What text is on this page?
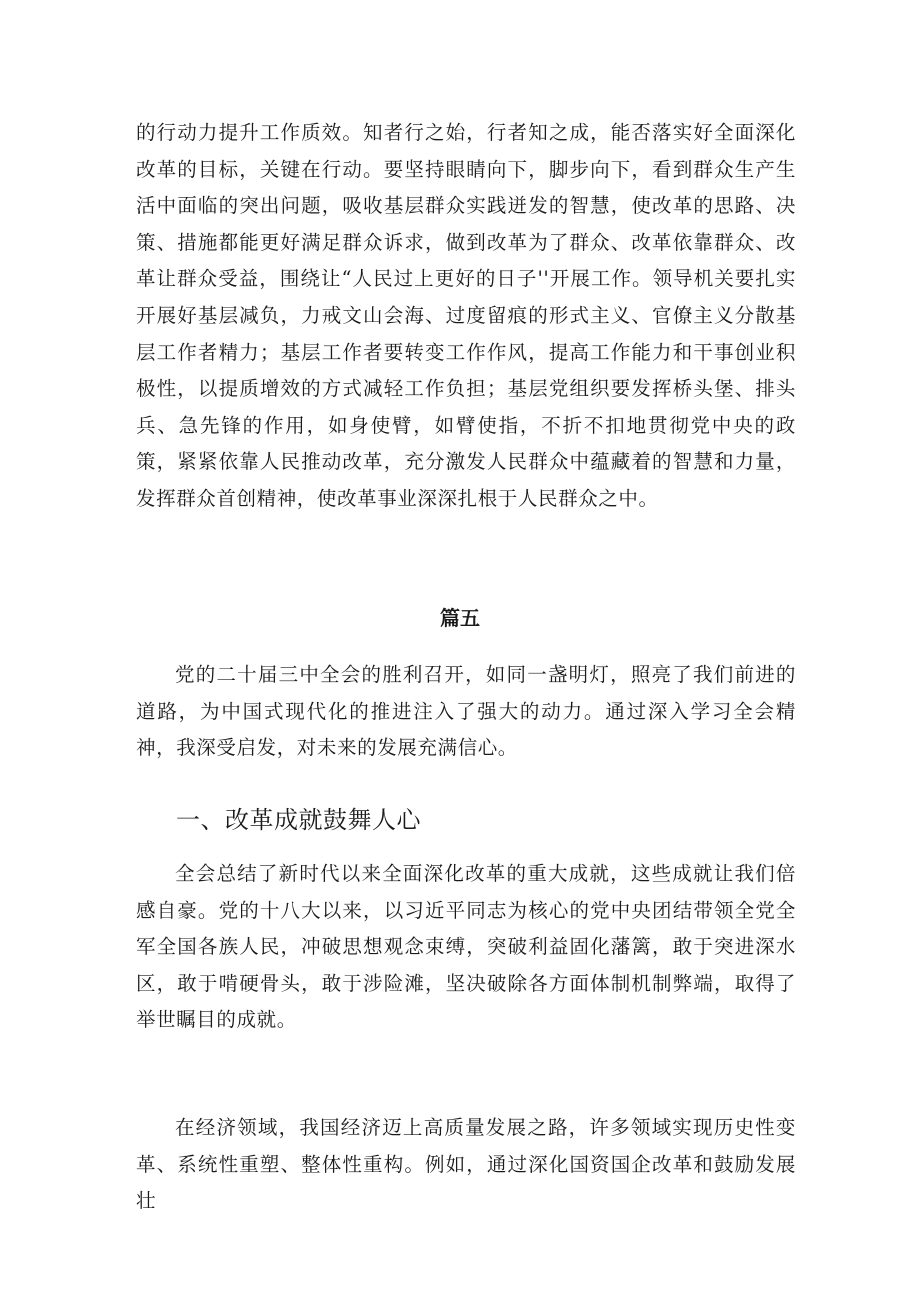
的行动力提升工作质效。知者行之始，行者知之成，能否落实好全面深化改革的目标，关键在行动。要坚持眼睛向下，脚步向下，看到群众生产生活中面临的突出问题，吸收基层群众实践迸发的智慧，使改革的思路、决策、措施都能更好满足群众诉求，做到改革为了群众、改革依靠群众、改革让群众受益，围绕让“人民过上更好的日子''开展工作。领导机关要扎实开展好基层减负，力戒文山会海、过度留痕的形式主义、官僚主义分散基层工作者精力；基层工作者要转变工作作风，提高工作能力和干事创业积极性，以提质增效的方式减轻工作负担；基层党组织要发挥桥头堡、排头兵、急先锋的作用，如身使臂，如臂使指，不折不扣地贯彻党中央的政策，紧紧依靠人民推动改革，充分激发人民群众中蕴藏着的智慧和力量，发挥群众首创精神，使改革事业深深扎根于人民群众之中。

篇五

党的二十届三中全会的胜利召开，如同一盏明灯，照亮了我们前进的道路，为中国式现代化的推进注入了强大的动力。通过深入学习全会精神，我深受启发，对未来的发展充满信心。

一、改革成就鼓舞人心

全会总结了新时代以来全面深化改革的重大成就，这些成就让我们倍感自豪。党的十八大以来，以习近平同志为核心的党中央团结带领全党全军全国各族人民，冲破思想观念束缚，突破利益固化藩篱，敢于突进深水区，敢于啃硬骨头，敢于涉险滩，坚决破除各方面体制机制弊端，取得了举世瞩目的成就。

在经济领域，我国经济迈上高质量发展之路，许多领域实现历史性变革、系统性重塑、整体性重构。例如，通过深化国资国企改革和鼓励发展壮
